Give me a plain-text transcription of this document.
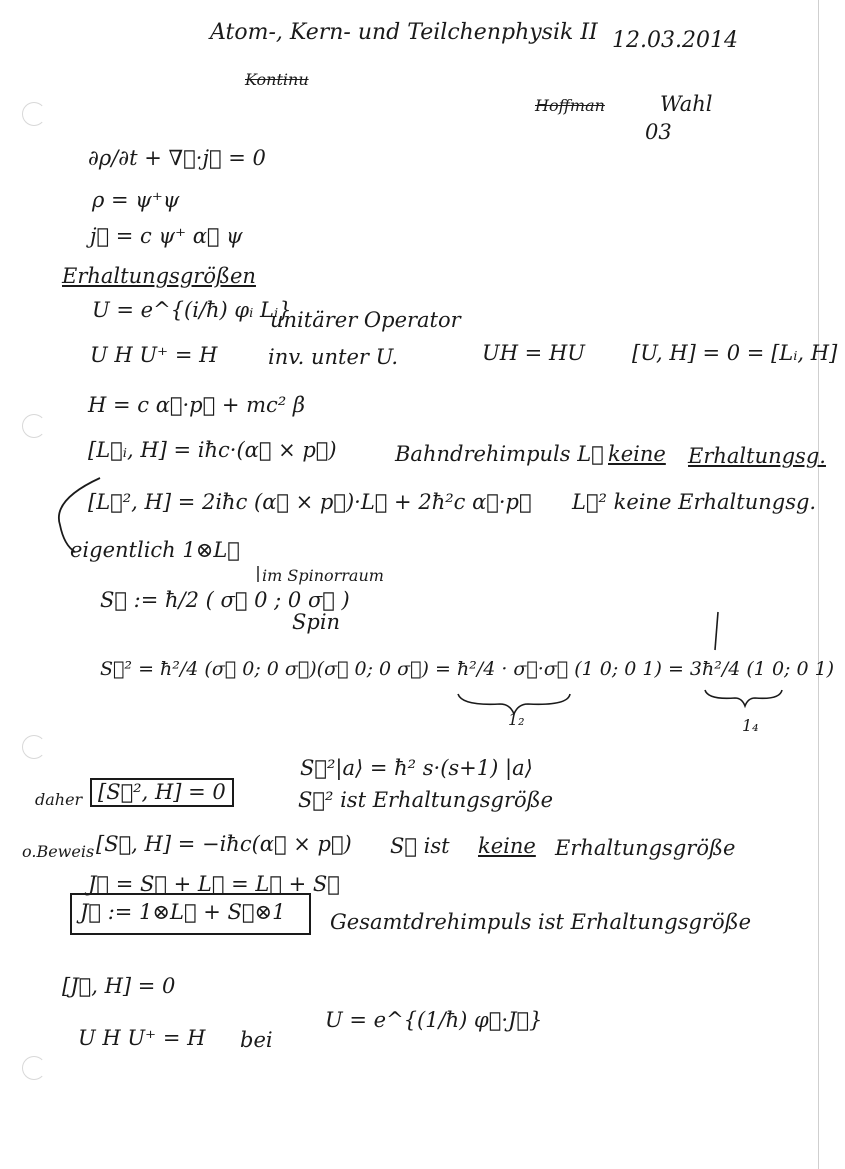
Atom-, Kern- und Teilchenphysik II 12.03.2014
Kontinu
Hoffman	Wahl
03
∂ρ/∂t + ∇⃗·j⃗ = 0
ρ = ψ⁺ψ
j⃗ = c ψ⁺ α⃗ ψ
Erhaltungsgrößen
U = e^{(i/ħ) φᵢ Lᵢ}
unitärer Operator
U H U⁺ = H inv. unter U.	UH = HU [U, H] = 0 = [Lᵢ, H]
H = c α⃗·p⃗ + mc² β
[L⃗ᵢ, H] = iħc·(α⃗ × p⃗)	Bahndrehimpuls L⃗ keine Erhaltungsg.
[L⃗², H] = 2iħc (α⃗ × p⃗)·L⃗ + 2ħ²c α⃗·p⃗ L⃗² keine Erhaltungsg.
eigentlich 1⊗L⃗
im Spinorraum
S⃗ := ħ/2 ( σ⃗ 0 ; 0 σ⃗ )
Spin
S⃗² = ħ²/4 (σ⃗ 0; 0 σ⃗)(σ⃗ 0; 0 σ⃗) = ħ²/4 · σ⃗·σ⃗ (1 0; 0 1) = 3ħ²/4 (1 0; 0 1)
1₂	1₄
S⃗²|a⟩ = ħ² s·(s+1) |a⟩
daher [S⃗², H] = 0	S⃗² ist Erhaltungsgröße
o.Beweis [S⃗, H] = −iħc(α⃗ × p⃗) S⃗ ist keine Erhaltungsgröße
J⃗ = S⃗ + L⃗ = L⃗ + S⃗
J⃗ := 1⊗L⃗ + S⃗⊗1 Gesamtdrehimpuls ist Erhaltungsgröße
[J⃗, H] = 0
U H U⁺ = H bei
U = e^{(1/ħ) φ⃗·J⃗}
